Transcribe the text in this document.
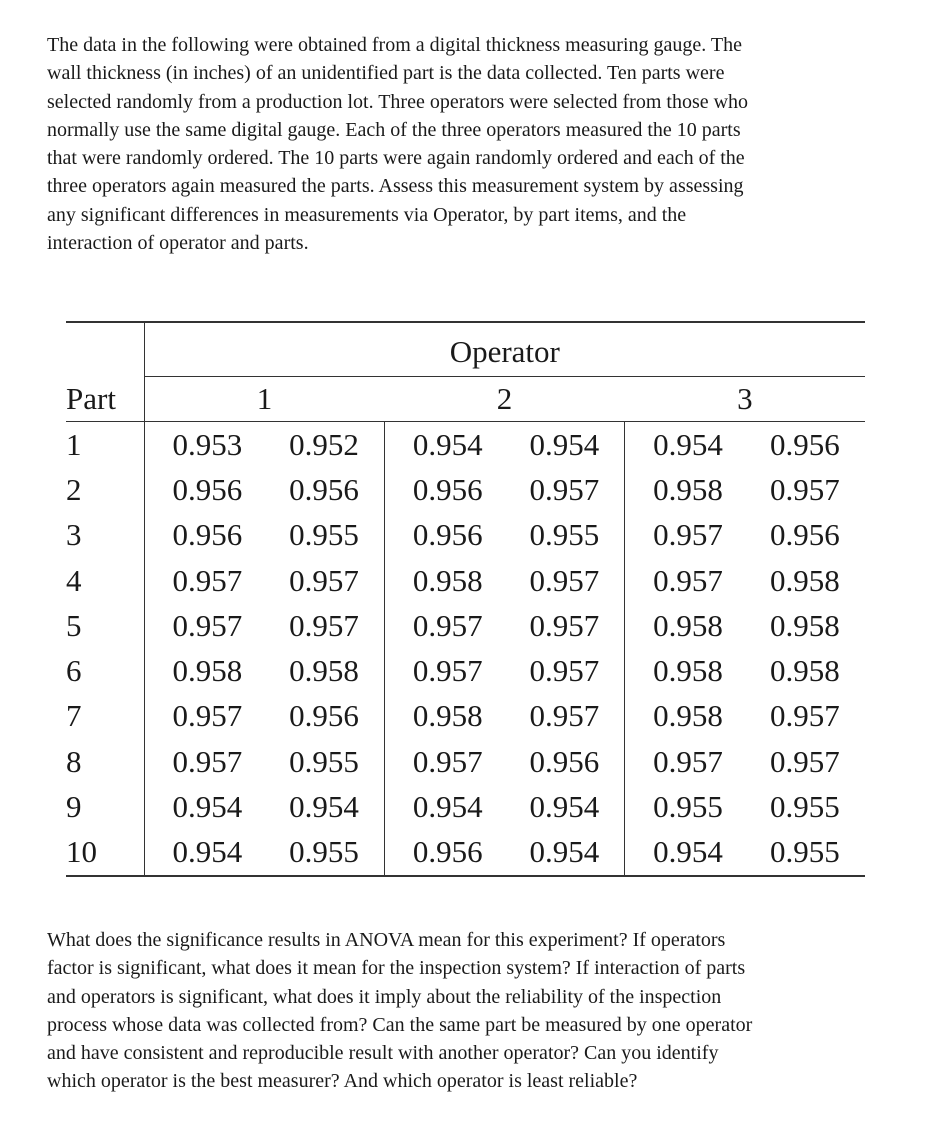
The data in the following were obtained from a digital thickness measuring gauge. The
wall thickness (in inches) of an unidentified part is the data collected. Ten parts were
selected randomly from a production lot. Three operators were selected from those who
normally use the same digital gauge. Each of the three operators measured the 10 parts
that were randomly ordered. The 10 parts were again randomly ordered and each of the
three operators again measured the parts. Assess this measurement system by assessing
any significant differences in measurements via Operator, by part items, and the
interaction of operator and parts.

	Operator					
Part	1		2		3	
1	0.953	0.952	0.954	0.954	0.954	0.956
2	0.956	0.956	0.956	0.957	0.958	0.957
3	0.956	0.955	0.956	0.955	0.957	0.956
4	0.957	0.957	0.958	0.957	0.957	0.958
5	0.957	0.957	0.957	0.957	0.958	0.958
6	0.958	0.958	0.957	0.957	0.958	0.958
7	0.957	0.956	0.958	0.957	0.958	0.957
8	0.957	0.955	0.957	0.956	0.957	0.957
9	0.954	0.954	0.954	0.954	0.955	0.955
10	0.954	0.955	0.956	0.954	0.954	0.955

What does the significance results in ANOVA mean for this experiment? If operators
factor is significant, what does it mean for the inspection system? If interaction of parts
and operators is significant, what does it imply about the reliability of the inspection
process whose data was collected from? Can the same part be measured by one operator
and have consistent and reproducible result with another operator? Can you identify
which operator is the best measurer? And which operator is least reliable?
